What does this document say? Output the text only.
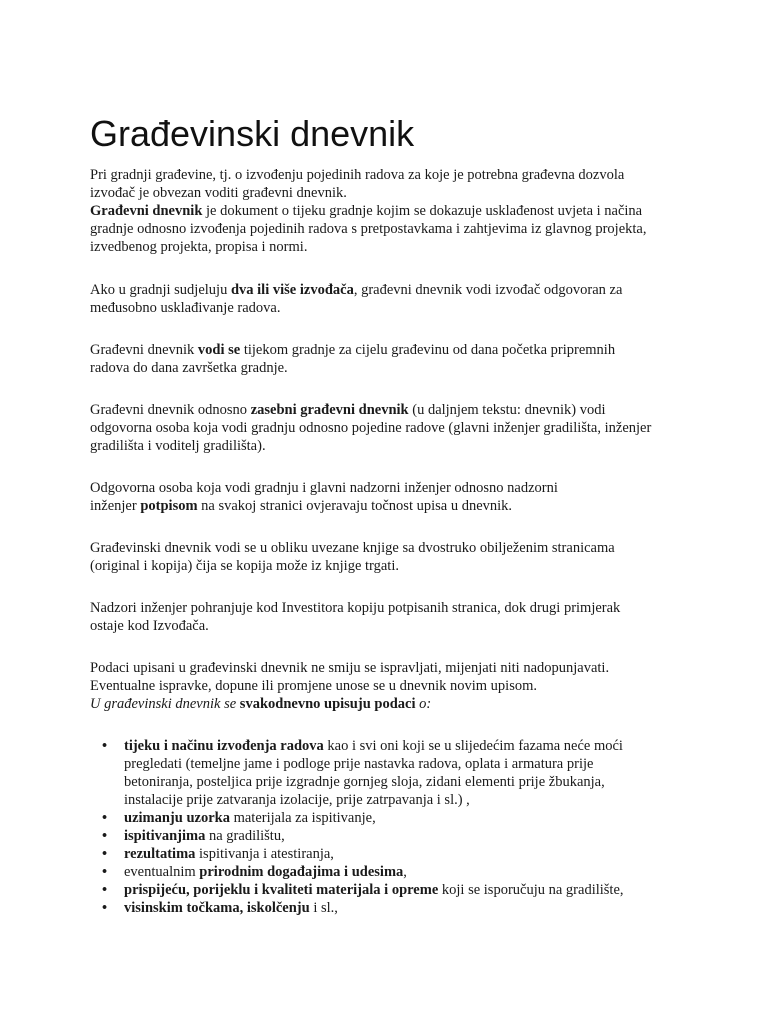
Građevinski dnevnik

Pri gradnji građevine, tj. o izvođenju pojedinih radova za koje je potrebna građevna dozvola
izvođač je obvezan voditi građevni dnevnik.
Građevni dnevnik je dokument o tijeku gradnje kojim se dokazuje usklađenost uvjeta i načina
gradnje odnosno izvođenja pojedinih radova s pretpostavkama i zahtjevima iz glavnog projekta,
izvedbenog projekta, propisa i normi.

Ako u gradnji sudjeluju dva ili više izvođača, građevni dnevnik vodi izvođač odgovoran za
međusobno usklađivanje radova.

Građevni dnevnik vodi se tijekom gradnje za cijelu građevinu od dana početka pripremnih
radova do dana završetka gradnje.

Građevni dnevnik odnosno zasebni građevni dnevnik (u daljnjem tekstu: dnevnik) vodi
odgovorna osoba koja vodi gradnju odnosno pojedine radove (glavni inženjer gradilišta, inženjer
gradilišta i voditelj gradilišta).

Odgovorna osoba koja vodi gradnju i glavni nadzorni inženjer odnosno nadzorni
inženjer potpisom na svakoj stranici ovjeravaju točnost upisa u dnevnik.

Građevinski dnevnik vodi se u obliku uvezane knjige sa dvostruko obilježenim stranicama
(original i kopija) čija se kopija može iz knjige trgati.

Nadzori inženjer pohranjuje kod Investitora kopiju potpisanih stranica, dok drugi primjerak
ostaje kod Izvođača.

Podaci upisani u građevinski dnevnik ne smiju se ispravljati, mijenjati niti nadopunjavati.
Eventualne ispravke, dopune ili promjene unose se u dnevnik novim upisom.
U građevinski dnevnik se svakodnevno upisuju podaci o:

• tijeku i načinu izvođenja radova kao i svi oni koji se u slijedećim fazama neće moći
pregledati (temeljne jame i podloge prije nastavka radova, oplata i armatura prije
betoniranja, posteljica prije izgradnje gornjeg sloja, zidani elementi prije žbukanja,
instalacije prije zatvaranja izolacije, prije zatrpavanja i sl.) ,
• uzimanju uzorka materijala za ispitivanje,
• ispitivanjima na gradilištu,
• rezultatima ispitivanja i atestiranja,
• eventualnim prirodnim događajima i udesima,
• prispijeću, porijeklu i kvaliteti materijala i opreme koji se isporučuju na gradilište,
• visinskim točkama, iskolčenju i sl.,
